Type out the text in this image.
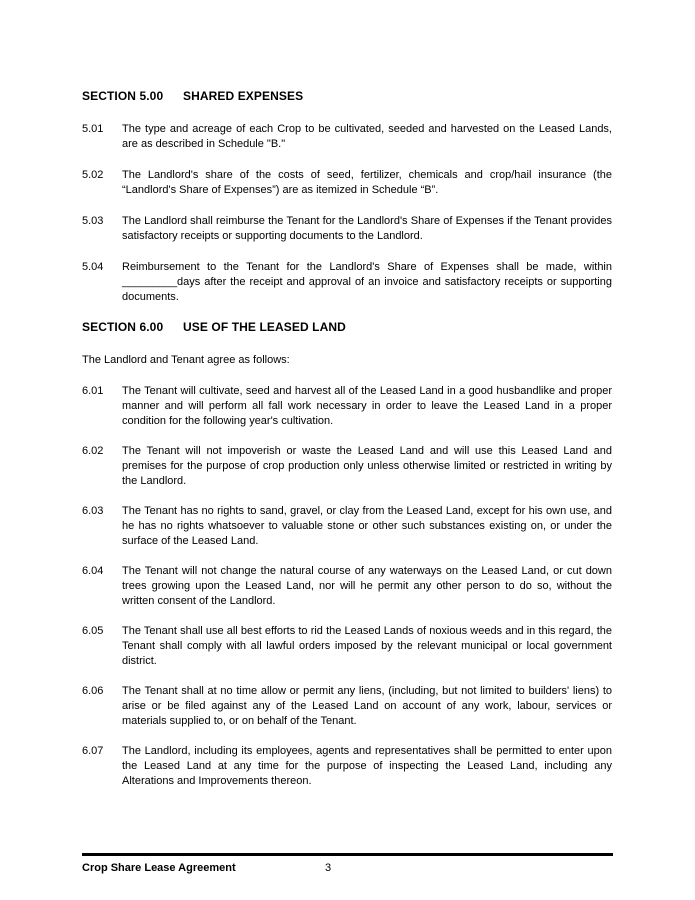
SECTION 5.00	SHARED EXPENSES
5.01	The type and acreage of each Crop to be cultivated, seeded and harvested on the Leased Lands, are as described in Schedule "B."

5.02	The Landlord's share of the costs of seed, fertilizer, chemicals and crop/hail insurance (the “Landlord's Share of Expenses”) are as itemized in Schedule “B”.

5.03	The Landlord shall reimburse the Tenant for the Landlord's Share of Expenses if the Tenant provides satisfactory receipts or supporting documents to the Landlord.

5.04	Reimbursement to the Tenant for the Landlord's Share of Expenses shall be made, within _________days after the receipt and approval of an invoice and satisfactory receipts or supporting documents.

SECTION 6.00	USE OF THE LEASED LAND

The Landlord and Tenant agree as follows:

6.01	The Tenant will cultivate, seed and harvest all of the Leased Land in a good husbandlike and proper manner and will perform all fall work necessary in order to leave the Leased Land in a proper condition for the following year's cultivation.

6.02	The Tenant will not impoverish or waste the Leased Land and will use this Leased Land and premises for the purpose of crop production only unless otherwise limited or restricted in writing by the Landlord.

6.03	The Tenant has no rights to sand, gravel, or clay from the Leased Land, except for his own use, and he has no rights whatsoever to valuable stone or other such substances existing on, or under the surface of the Leased Land.

6.04	The Tenant will not change the natural course of any waterways on the Leased Land, or cut down trees growing upon the Leased Land, nor will he permit any other person to do so, without the written consent of the Landlord.

6.05	The Tenant shall use all best efforts to rid the Leased Lands of noxious weeds and in this regard, the Tenant shall comply with all lawful orders imposed by the relevant municipal or local government district.

6.06	The Tenant shall at no time allow or permit any liens, (including, but not limited to builders' liens) to arise or be filed against any of the Leased Land on account of any work, labour, services or materials supplied to, or on behalf of the Tenant.

6.07	The Landlord, including its employees, agents and representatives shall be permitted to enter upon the Leased Land at any time for the purpose of inspecting the Leased Land, including any Alterations and Improvements thereon.

Crop Share Lease Agreement	3
